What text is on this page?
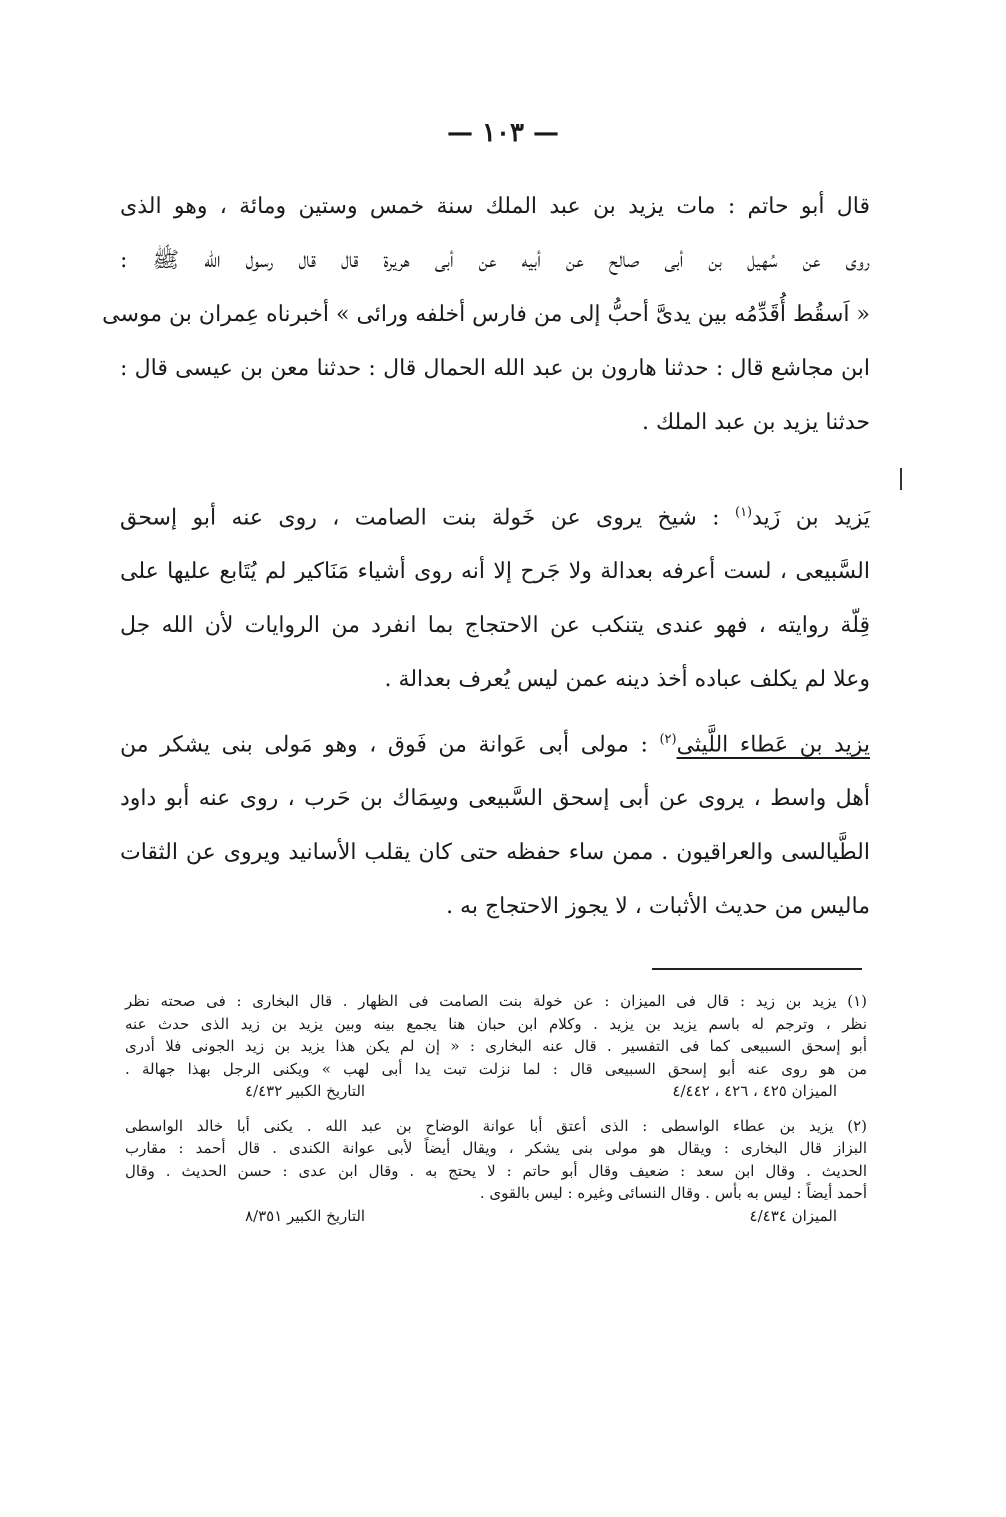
— ١٠٣ —
قال أبو حاتم : مات يزيد بن عبد الملك سنة خمس وستين ومائة ، وهو الذى
روى عن سُهيل بن أبى صالح عن أبيه عن أبى هريرة قال قال رسول الله ﷺ :
« اَسقُط أُقَدِّمُه بين يدىَّ أحبُّ إلى من فارس أخلفه ورائى » أخبرناه عِمران بن موسى
ابن مجاشع قال : حدثنا هارون بن عبد الله الحمال قال : حدثنا معن بن عيسى قال :
حدثنا يزيد بن عبد الملك .
يَزيد بن زَيد$^{(١)}$ : شيخ يروى عن خَولة بنت الصامت ، روى عنه أبو إسحق
السَّبيعى ، لست أعرفه بعدالة ولا جَرح إلا أنه روى أشياء مَنَاكير لم يُتَابع عليها على
قِلّة روايته ، فهو عندى يتنكب عن الاحتجاج بما انفرد من الروايات لأن الله جل
وعلا لم يكلف عباده أخذ دينه عمن ليس يُعرف بعدالة .
يزيد بن عَطاء اللَّيثى$^{(٢)}$ : مولى أبى عَوانة من فَوق ، وهو مَولى بنى يشكر من
أهل واسط ، يروى عن أبى إسحق السَّبيعى وسِمَاك بن حَرب ، روى عنه أبو داود
الطَّيالسى والعراقيون . ممن ساء حفظه حتى كان يقلب الأسانيد ويروى عن الثقات
ماليس من حديث الأثبات ، لا يجوز الاحتجاج به .
(١) يزيد بن زيد : قال فى الميزان : عن خولة بنت الصامت فى الظهار . قال البخارى : فى صحته نظر
نظر ، وترجم له باسم يزيد بن يزيد . وكلام ابن حبان هنا يجمع بينه وبين يزيد بن زيد الذى حدث عنه
أبو إسحق السبيعى كما فى التفسير . قال عنه البخارى : « إن لم يكن هذا يزيد بن زيد الجونى فلا أدرى
من هو روى عنه أبو إسحق السبيعى قال : لما نزلت تبت يدا أبى لهب » ويكنى الرجل بهذا جهالة .
الميزان ٤٢٥ ، ٤٢٦ ، ٤/٤٤٢
التاريخ الكبير ٤/٤٣٢
(٢) يزيد بن عطاء الواسطى : الذى أعتق أبا عوانة الوضاح بن عبد الله . يكنى أبا خالد الواسطى
البزاز قال البخارى : ويقال هو مولى بنى يشكر ، ويقال أيضاً لأبى عوانة الكندى . قال أحمد : مقارب
الحديث . وقال ابن سعد : ضعيف وقال أبو حاتم : لا يحتج به . وقال ابن عدى : حسن الحديث . وقال
أحمد أيضاً : ليس به بأس . وقال النسائى وغيره : ليس بالقوى .
الميزان ٤/٤٣٤
التاريخ الكبير ٨/٣٥١
